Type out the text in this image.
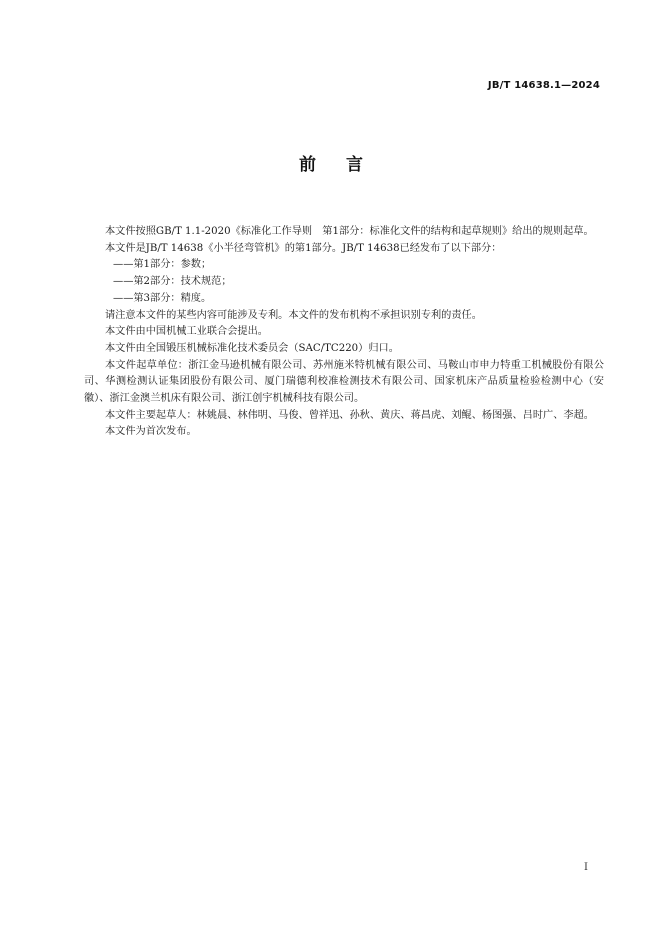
JB/T 14638.1—2024
前言

本文件按照GB/T 1.1-2020《标准化工作导则　第1部分：标准化文件的结构和起草规则》给出的规则起草。

本文件是JB/T 14638《小半径弯管机》的第1部分。JB/T 14638已经发布了以下部分：

——第1部分：参数；

——第2部分：技术规范；

——第3部分：精度。

请注意本文件的某些内容可能涉及专利。本文件的发布机构不承担识别专利的责任。

本文件由中国机械工业联合会提出。

本文件由全国锻压机械标准化技术委员会（SAC/TC220）归口。

本文件起草单位：浙江金马逊机械有限公司、苏州施米特机械有限公司、马鞍山市申力特重工机械股份有限公司、华测检测认证集团股份有限公司、厦门瑞德利校准检测技术有限公司、国家机床产品质量检验检测中心（安徽）、浙江金澳兰机床有限公司、浙江创宇机械科技有限公司。

本文件主要起草人：林姚晨、林伟明、马俊、曾祥迅、孙秋、黄庆、蒋昌虎、刘鲲、杨图强、吕时广、李超。

本文件为首次发布。

I
